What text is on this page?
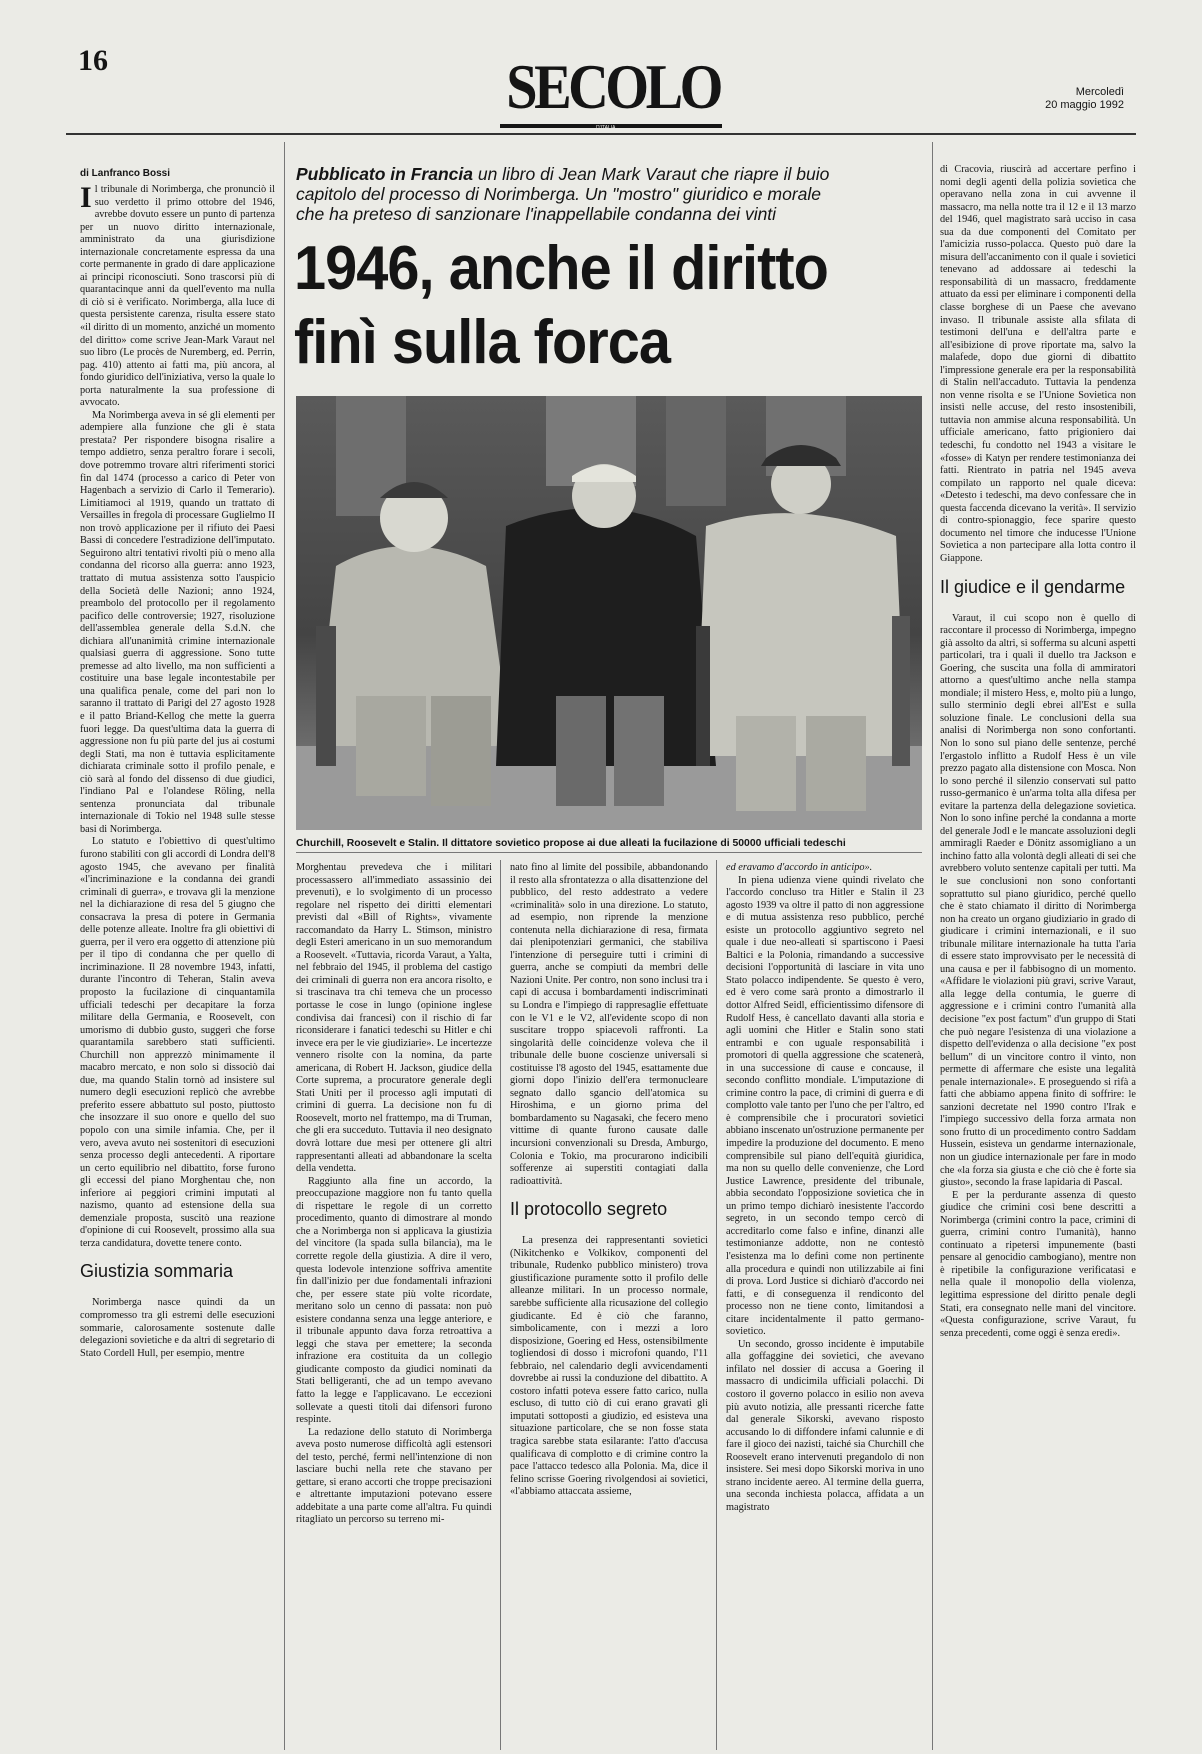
16	SECOLO
D'ITALIA
Mercoledì
20 maggio 1992
di Lanfranco Bossi	Pubblicato in Francia un libro di Jean Mark Varaut che riapre il buio capitolo del processo di Norimberga. Un "mostro" giuridico e morale che ha preteso di sanzionare l'inappellabile condanna dei vinti
1946, anche il diritto
finì sulla forca
Churchill, Roosevelt e Stalin. Il dittatore sovietico propose ai due alleati la fucilazione di 50000 ufficiali tedeschi

Il tribunale di Norimberga, che pronunciò il suo verdetto il primo ottobre del 1946, avrebbe dovuto essere un punto di partenza per un nuovo diritto internazionale, amministrato da una giurisdizione internazionale concretamente espressa da una corte permanente in grado di dare applicazione ai principi riconosciuti. Sono trascorsi più di quarantacinque anni da quell'evento ma nulla di ciò si è verificato. Norimberga, alla luce di questa persistente carenza, risulta essere stato «il diritto di un momento, anziché un momento del diritto» come scrive Jean-Mark Varaut nel suo libro (Le procès de Nuremberg, ed. Perrin, pag. 410) attento ai fatti ma, più ancora, al fondo giuridico dell'iniziativa, verso la quale lo porta naturalmente la sua professione di avvocato.

Ma Norimberga aveva in sé gli elementi per adempiere alla funzione che gli è stata prestata? Per rispondere bisogna risalire a tempo addietro, senza peraltro forare i secoli, dove potremmo trovare altri riferimenti storici fin dal 1474 (processo a carico di Peter von Hagenbach a servizio di Carlo il Temerario). Limitiamoci al 1919, quando un trattato di Versailles in fregola di processare Guglielmo II non trovò applicazione per il rifiuto dei Paesi Bassi di concedere l'estradizione dell'imputato. Seguirono altri tentativi rivolti più o meno alla condanna del ricorso alla guerra: anno 1923, trattato di mutua assistenza sotto l'auspicio della Società delle Nazioni; anno 1924, preambolo del protocollo per il regolamento pacifico delle controversie; 1927, risoluzione dell'assemblea generale della S.d.N. che dichiara all'unanimità crimine internazionale qualsiasi guerra di aggressione. Sono tutte premesse ad alto livello, ma non sufficienti a costituire una base legale incontestabile per una qualifica penale, come del pari non lo saranno il trattato di Parigi del 27 agosto 1928 e il patto Briand-Kellog che mette la guerra fuori legge. Da quest'ultima data la guerra di aggressione non fu più parte del jus ai costumi degli Stati, ma non è tuttavia esplicitamente dichiarata criminale sotto il profilo penale, e ciò sarà al fondo del dissenso di due giudici, l'indiano Pal e l'olandese Röling, nella sentenza pronunciata dal tribunale internazionale di Tokio nel 1948 sulle stesse basi di Norimberga.

Lo statuto e l'obiettivo di quest'ultimo furono stabiliti con gli accordi di Londra dell'8 agosto 1945, che avevano per finalità «l'incriminazione e la condanna dei grandi criminali di guerra», e trovava gli la menzione nel la dichiarazione di resa del 5 giugno che consacrava la presa di potere in Germania delle potenze alleate. Inoltre fra gli obiettivi di guerra, per il vero era oggetto di attenzione più per il tipo di condanna che per quello di incriminazione. Il 28 novembre 1943, infatti, durante l'incontro di Teheran, Stalin aveva proposto la fucilazione di cinquantamila ufficiali tedeschi per decapitare la forza militare della Germania, e Roosevelt, con umorismo di dubbio gusto, suggerì che forse quarantamila sarebbero stati sufficienti. Churchill non apprezzò minimamente il macabro mercato, e non solo si dissociò dai due, ma quando Stalin tornò ad insistere sul numero degli esecuzioni replicò che avrebbe preferito essere abbattuto sul posto, piuttosto che insozzare il suo onore e quello del suo popolo con una simile infamia. Che, per il vero, aveva avuto nei sostenitori di esecuzioni senza processo degli antecedenti. A riportare un certo equilibrio nel dibattito, forse furono gli eccessi del piano Morghentau che, non inferiore ai peggiori crimini imputati al nazismo, quanto ad estensione della sua demenziale proposta, suscitò una reazione d'opinione di cui Roosevelt, prossimo alla sua terza candidatura, dovette tenere conto.

Giustizia sommaria

Norimberga nasce quindi da un compromesso tra gli estremi delle esecuzioni sommarie, calorosamente sostenute dalle delegazioni sovietiche e da altri di segretario di Stato Cordell Hull, per esempio, mentre

Morghentau prevedeva che i militari processassero all'immediato assassinio dei prevenuti), e lo svolgimento di un processo regolare nel rispetto dei diritti elementari previsti dal «Bill of Rights», vivamente raccomandato da Harry L. Stimson, ministro degli Esteri americano in un suo memorandum a Roosevelt. «Tuttavia, ricorda Varaut, a Yalta, nel febbraio del 1945, il problema del castigo dei criminali di guerra non era ancora risolto, e si trascinava tra chi temeva che un processo portasse le cose in lungo (opinione inglese condivisa dai francesi) con il rischio di far riconsiderare i fanatici tedeschi su Hitler e chi invece era per le vie giudiziarie». Le incertezze vennero risolte con la nomina, da parte americana, di Robert H. Jackson, giudice della Corte suprema, a procuratore generale degli Stati Uniti per il processo agli imputati di crimini di guerra. La decisione non fu di Roosevelt, morto nel frattempo, ma di Truman, che gli era succeduto. Tuttavia il neo designato dovrà lottare due mesi per ottenere gli altri rappresentanti alleati ad abbandonare la scelta della vendetta.

Raggiunto alla fine un accordo, la preoccupazione maggiore non fu tanto quella di rispettare le regole di un corretto procedimento, quanto di dimostrare al mondo che a Norimberga non si applicava la giustizia del vincitore (la spada sulla bilancia), ma le corrette regole della giustizia. A dire il vero, questa lodevole intenzione soffriva amentite fin dall'inizio per due fondamentali infrazioni che, per essere state più volte ricordate, meritano solo un cenno di passata: non può esistere condanna senza una legge anteriore, e il tribunale appunto dava forza retroattiva a leggi che stava per emettere; la seconda infrazione era costituita da un collegio giudicante composto da giudici nominati da Stati belligeranti, che ad un tempo avevano fatto la legge e l'applicavano. Le eccezioni sollevate a questi titoli dai difensori furono respinte.

La redazione dello statuto di Norimberga aveva posto numerose difficoltà agli estensori del testo, perché, fermi nell'intenzione di non lasciare buchi nella rete che stavano per gettare, si erano accorti che troppe precisazioni e altrettante imputazioni potevano essere addebitate a una parte come all'altra. Fu quindi ritagliato un percorso su terreno mi-

nato fino al limite del possibile, abbandonando il resto alla sfrontatezza o alla disattenzione del pubblico, del resto addestrato a vedere «criminalità» solo in una direzione. Lo statuto, ad esempio, non riprende la menzione contenuta nella dichiarazione di resa, firmata dai plenipotenziari germanici, che stabiliva l'intenzione di perseguire tutti i crimini di guerra, anche se compiuti da membri delle Nazioni Unite. Per contro, non sono inclusi tra i capi di accusa i bombardamenti indiscriminati su Londra e l'impiego di rappresaglie effettuate con le V1 e le V2, all'evidente scopo di non suscitare troppo spiacevoli raffronti. La singolarità delle coincidenze voleva che il tribunale delle buone coscienze universali si costituisse l'8 agosto del 1945, esattamente due giorni dopo l'inizio dell'era termonucleare segnato dallo sgancio dell'atomica su Hiroshima, e un giorno prima del bombardamento su Nagasaki, che fecero meno vittime di quante furono causate dalle incursioni convenzionali su Dresda, Amburgo, Colonia e Tokio, ma procurarono indicibili sofferenze ai superstiti contagiati dalla radioattività.

Il protocollo segreto

La presenza dei rappresentanti sovietici (Nikitchenko e Volkikov, componenti del tribunale, Rudenko pubblico ministero) trova giustificazione puramente sotto il profilo delle alleanze militari. In un processo normale, sarebbe sufficiente alla ricusazione del collegio giudicante. Ed è ciò che faranno, simbolicamente, con i mezzi a loro disposizione, Goering ed Hess, ostensibilmente togliendosi di dosso i microfoni quando, l'11 febbraio, nel calendario degli avvicendamenti dovrebbe ai russi la conduzione del dibattito. A costoro infatti poteva essere fatto carico, nulla escluso, di tutto ciò di cui erano gravati gli imputati sottoposti a giudizio, ed esisteva una situazione particolare, che se non fosse stata tragica sarebbe stata esilarante: l'atto d'accusa qualificava di complotto e di crimine contro la pace l'attacco tedesco alla Polonia. Ma, dice il felino scrisse Goering rivolgendosi ai sovietici, «l'abbiamo attaccata assieme,

ed eravamo d'accordo in anticipo».

In piena udienza viene quindi rivelato che l'accordo concluso tra Hitler e Stalin il 23 agosto 1939 va oltre il patto di non aggressione e di mutua assistenza reso pubblico, perché esiste un protocollo aggiuntivo segreto nel quale i due neo-alleati si spartiscono i Paesi Baltici e la Polonia, rimandando a successive decisioni l'opportunità di lasciare in vita uno Stato polacco indipendente. Se questo è vero, ed è vero come sarà pronto a dimostrarlo il dottor Alfred Seidl, efficientissimo difensore di Rudolf Hess, è cancellato davanti alla storia e agli uomini che Hitler e Stalin sono stati entrambi e con uguale responsabilità i promotori di quella aggressione che scatenerà, in una successione di cause e concause, il secondo conflitto mondiale. L'imputazione di crimine contro la pace, di crimini di guerra e di complotto vale tanto per l'uno che per l'altro, ed è comprensibile che i procuratori sovietici abbiano inscenato un'ostruzione permanente per impedire la produzione del documento. E meno comprensibile sul piano dell'equità giuridica, ma non su quello delle convenienze, che Lord Justice Lawrence, presidente del tribunale, abbia secondato l'opposizione sovietica che in un primo tempo dichiarò inesistente l'accordo segreto, in un secondo tempo cercò di accreditarlo come falso e infine, dinanzi alle testimonianze addotte, non ne contestò l'esistenza ma lo definì come non pertinente alla procedura e quindi non utilizzabile ai fini di prova. Lord Justice si dichiarò d'accordo nei fatti, e di conseguenza il rendiconto del processo non ne tiene conto, limitandosi a citare incidentalmente il patto germano-sovietico.

Un secondo, grosso incidente è imputabile alla goffaggine dei sovietici, che avevano infilato nel dossier di accusa a Goering il massacro di undicimila ufficiali polacchi. Di costoro il governo polacco in esilio non aveva più avuto notizia, alle pressanti ricerche fatte dal generale Sikorski, avevano risposto accusando lo di diffondere infami calunnie e di fare il gioco dei nazisti, taiché sia Churchill che Roosevelt erano intervenuti pregandolo di non insistere. Sei mesi dopo Sikorski moriva in uno strano incidente aereo. Al termine della guerra, una seconda inchiesta polacca, affidata a un magistrato

di Cracovia, riuscirà ad accertare perfino i nomi degli agenti della polizia sovietica che operavano nella zona in cui avvenne il massacro, ma nella notte tra il 12 e il 13 marzo del 1946, quel magistrato sarà ucciso in casa sua da due componenti del Comitato per l'amicizia russo-polacca. Questo può dare la misura dell'accanimento con il quale i sovietici tenevano ad addossare ai tedeschi la responsabilità di un massacro, freddamente attuato da essi per eliminare i componenti della classe borghese di un Paese che avevano invaso. Il tribunale assiste alla sfilata di testimoni dell'una e dell'altra parte e all'esibizione di prove riportate ma, salvo la malafede, dopo due giorni di dibattito l'impressione generale era per la responsabilità di Stalin nell'accaduto. Tuttavia la pendenza non venne risolta e se l'Unione Sovietica non insistì nelle accuse, del resto insostenibili, tuttavia non ammise alcuna responsabilità. Un ufficiale americano, fatto prigioniero dai tedeschi, fu condotto nel 1943 a visitare le «fosse» di Katyn per rendere testimonianza dei fatti. Rientrato in patria nel 1945 aveva compilato un rapporto nel quale diceva: «Detesto i tedeschi, ma devo confessare che in questa faccenda dicevano la verità». Il servizio di contro-spionaggio, fece sparire questo documento nel timore che inducesse l'Unione Sovietica a non partecipare alla lotta contro il Giappone.

Il giudice e il gendarme

Varaut, il cui scopo non è quello di raccontare il processo di Norimberga, impegno già assolto da altri, si sofferma su alcuni aspetti particolari, tra i quali il duello tra Jackson e Goering, che suscita una folla di ammiratori attorno a quest'ultimo anche nella stampa mondiale; il mistero Hess, e, molto più a lungo, sullo sterminio degli ebrei all'Est e sulla soluzione finale. Le conclusioni della sua analisi di Norimberga non sono confortanti. Non lo sono sul piano delle sentenze, perché l'ergastolo inflitto a Rudolf Hess è un vile prezzo pagato alla distensione con Mosca. Non lo sono perché il silenzio conservati sul patto russo-germanico è un'arma tolta alla difesa per evitare la partenza della delegazione sovietica. Non lo sono infine perché la condanna a morte del generale Jodl e le mancate assoluzioni degli ammiragli Raeder e Dönitz assomigliano a un inchino fatto alla volontà degli alleati di sei che avrebbero voluto sentenze capitali per tutti. Ma le sue conclusioni non sono confortanti soprattutto sul piano giuridico, perché quello che è stato chiamato il diritto di Norimberga non ha creato un organo giudiziario in grado di giudicare i crimini internazionali, e il suo tribunale militare internazionale ha tutta l'aria di essere stato improvvisato per le necessità di una causa e per il fabbisogno di un momento. «Affidare le violazioni più gravi, scrive Varaut, alla legge della contumia, le guerre di aggressione e i crimini contro l'umanità alla decisione "ex post factum" d'un gruppo di Stati che può negare l'esistenza di una violazione a dispetto dell'evidenza o alla decisione "ex post bellum" di un vincitore contro il vinto, non permette di affermare che esiste una legalità penale internazionale». E proseguendo si rifà a fatti che abbiamo appena finito di soffrire: le sanzioni decretate nel 1990 contro l'Irak e l'impiego successivo della forza armata non sono frutto di un procedimento contro Saddam Hussein, esisteva un gendarme internazionale, non un giudice internazionale per fare in modo che «la forza sia giusta e che ciò che è forte sia giusto», secondo la frase lapidaria di Pascal.

E per la perdurante assenza di questo giudice che crimini così bene descritti a Norimberga (crimini contro la pace, crimini di guerra, crimini contro l'umanità), hanno continuato a ripetersi impunemente (basti pensare al genocidio cambogiano), mentre non è ripetibile la configurazione verificatasi e nella quale il monopolio della violenza, legittima espressione del diritto penale degli Stati, era consegnato nelle mani del vincitore. «Questa configurazione, scrive Varaut, fu senza precedenti, come oggi è senza eredi».
